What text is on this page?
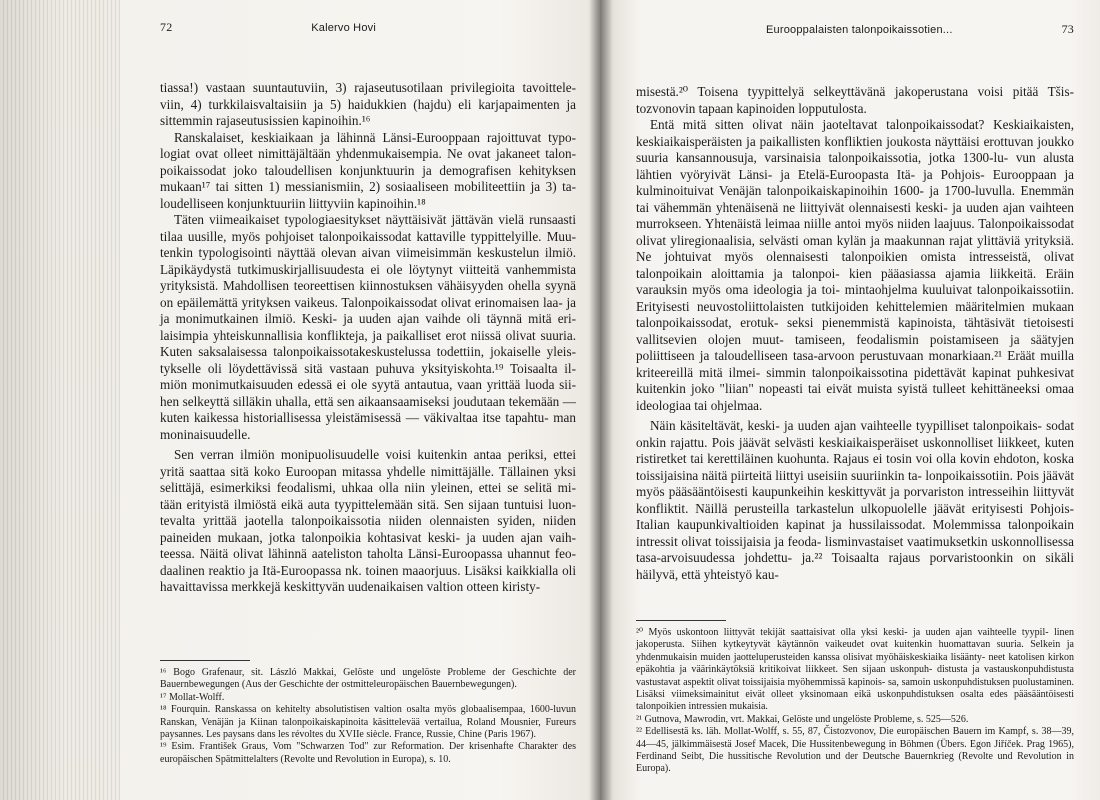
72	Kalervo Hovi

tiassa!) vastaan suuntautuviin, 3) rajaseutusotilaan privilegioita tavoittele- viin, 4) turkkilaisvaltaisiin ja 5) haidukkien (hajdu) eli karjapaimenten ja sittemmin rajaseutusissien kapinoihin.¹⁶

Ranskalaiset, keskiaikaan ja lähinnä Länsi-Eurooppaan rajoittuvat typo- logiat ovat olleet nimittäjältään yhdenmukaisempia. Ne ovat jakaneet talon- poikaissodat joko taloudellisen konjunktuurin ja demografisen kehityksen mukaan¹⁷ tai sitten 1) messianismiin, 2) sosiaaliseen mobiliteettiin ja 3) ta- loudelliseen konjunktuuriin liittyviin kapinoihin.¹⁸

Täten viimeaikaiset typologiaesitykset näyttäisivät jättävän vielä runsaasti tilaa uusille, myös pohjoiset talonpoikaissodat kattaville typpittelyille. Muu- tenkin typologisointi näyttää olevan aivan viimeisimmän keskustelun ilmiö. Läpikäydystä tutkimuskirjallisuudesta ei ole löytynyt viitteitä vanhemmista yrityksistä. Mahdollisen teoreettisen kiinnostuksen vähäisyyden ohella syynä on epäilemättä yrityksen vaikeus. Talonpoikaissodat olivat erinomaisen laa- ja ja monimutkainen ilmiö. Keski- ja uuden ajan vaihde oli täynnä mitä eri- laisimpia yhteiskunnallisia konflikteja, ja paikalliset erot niissä olivat suuria. Kuten saksalaisessa talonpoikaissotakeskustelussa todettiin, jokaiselle yleis- tykselle oli löydettävissä sitä vastaan puhuva yksityiskohta.¹⁹ Toisaalta il- miön monimutkaisuuden edessä ei ole syytä antautua, vaan yrittää luoda sii- hen selkeyttä silläkin uhalla, että sen aikaansaamiseksi joudutaan tekemään — kuten kaikessa historiallisessa yleistämisessä — väkivaltaa itse tapahtu- man moninaisuudelle.

Sen verran ilmiön monipuolisuudelle voisi kuitenkin antaa periksi, ettei yritä saattaa sitä koko Euroopan mitassa yhdelle nimittäjälle. Tällainen yksi selittäjä, esimerkiksi feodalismi, uhkaa olla niin yleinen, ettei se selitä mi- tään erityistä ilmiöstä eikä auta tyypittelemään sitä. Sen sijaan tuntuisi luon- tevalta yrittää jaotella talonpoikaissotia niiden olennaisten syiden, niiden paineiden mukaan, jotka talonpoikia kohtasivat keski- ja uuden ajan vaih- teessa. Näitä olivat lähinnä aateliston taholta Länsi-Euroopassa uhannut feo- daalinen reaktio ja Itä-Euroopassa nk. toinen maaorjuus. Lisäksi kaikkialla oli havaittavissa merkkejä keskittyvän uudenaikaisen valtion otteen kiristy-

¹⁶ Bogo Grafenaur, sit. László Makkai, Gelöste und ungelöste Probleme der Geschichte der Bauernbewegungen (Aus der Geschichte der ostmitteleuropäischen Bauernbewegungen).

¹⁷ Mollat-Wolff.

¹⁸ Fourquin. Ranskassa on kehitelty absolutistisen valtion osalta myös globaalisempaa, 1600-luvun Ranskan, Venäjän ja Kiinan talonpoikaiskapinoita käsittelevää vertailua, Roland Mousnier, Fureurs paysannes. Les paysans dans les révoltes du XVIIe siècle. France, Russie, Chine (Paris 1967).

¹⁹ Esim. František Graus, Vom "Schwarzen Tod" zur Reformation. Der krisenhafte Charakter des europäischen Spätmittelalters (Revolte und Revolution in Europa), s. 10.

Eurooppalaisten talonpoikaissotien...	73

misestä.²⁰ Toisena tyypittelyä selkeyttävänä jakoperustana voisi pitää Tšis- tozvonovin tapaan kapinoiden lopputulosta.

Entä mitä sitten olivat näin jaoteltavat talonpoikaissodat? Keskiaikaisten, keskiaikaisperäisten ja paikallisten konfliktien joukosta näyttäisi erottuvan joukko suuria kansannousuja, varsinaisia talonpoikaissotia, jotka 1300-lu- vun alusta lähtien vyöryivät Länsi- ja Etelä-Euroopasta Itä- ja Pohjois- Eurooppaan ja kulminoituivat Venäjän talonpoikaiskapinoihin 1600- ja 1700-luvulla. Enemmän tai vähemmän yhtenäisenä ne liittyivät olennaisesti keski- ja uuden ajan vaihteen murrokseen. Yhtenäistä leimaa niille antoi myös niiden laajuus. Talonpoikaissodat olivat yliregionaalisia, selvästi oman kylän ja maakunnan rajat ylittäviä yrityksiä. Ne johtuivat myös olennaisesti talonpoikien omista intresseistä, olivat talonpoikain aloittamia ja talonpoi- kien pääasiassa ajamia liikkeitä. Eräin varauksin myös oma ideologia ja toi- mintaohjelma kuuluivat talonpoikaissotiin. Erityisesti neuvostoliittolaisten tutkijoiden kehittelemien määritelmien mukaan talonpoikaissodat, erotuk- seksi pienemmistä kapinoista, tähtäsivät tietoisesti vallitsevien olojen muut- tamiseen, feodalismin poistamiseen ja säätyjen poliittiseen ja taloudelliseen tasa-arvoon perustuvaan monarkiaan.²¹ Eräät muilla kriteereillä mitä ilmei- simmin talonpoikaissotina pidettävät kapinat puhkesivat kuitenkin joko "liian" nopeasti tai eivät muista syistä tulleet kehittäneeksi omaa ideologiaa tai ohjelmaa.

Näin käsiteltävät, keski- ja uuden ajan vaihteelle tyypilliset talonpoikais- sodat onkin rajattu. Pois jäävät selvästi keskiaikaisperäiset uskonnolliset liikkeet, kuten ristiretket tai kerettiläinen kuohunta. Rajaus ei tosin voi olla kovin ehdoton, koska toissijaisina näitä piirteitä liittyi useisiin suuriinkin ta- lonpoikaissotiin. Pois jäävät myös pääsääntöisesti kaupunkeihin keskittyvät ja porvariston intresseihin liittyvät konfliktit. Näillä perusteilla tarkastelun ulkopuolelle jäävät erityisesti Pohjois-Italian kaupunkivaltioiden kapinat ja hussilaissodat. Molemmissa talonpoikain intressit olivat toissijaisia ja feoda- lisminvastaiset vaatimuksetkin uskonnollisessa tasa-arvoisuudessa johdettu- ja.²² Toisaalta rajaus porvaristoonkin on sikäli häilyvä, että yhteistyö kau-

²⁰ Myös uskontoon liittyvät tekijät saattaisivat olla yksi keski- ja uuden ajan vaihteelle tyypil- linen jakoperusta. Siihen kytkeytyvät käytännön vaikeudet ovat kuitenkin huomattavan suuria. Selkein ja yhdenmukaisin muiden jaotteluperusteiden kanssa olisivat myöhäiskeskiaika lisäänty- neet katolisen kirkon epäkohtia ja väärinkäytöksiä kritikoivat liikkeet. Sen sijaan uskonpuh- distusta ja vastauskonpuhdistusta vastustavat aspektit olivat toissijaisia myöhemmissä kapinois- sa, samoin uskonpuhdistuksen puolustaminen. Lisäksi viimeksimainitut eivät olleet yksinomaan eikä uskonpuhdistuksen osalta edes pääsääntöisesti talonpoikien intressien mukaisia.

²¹ Gutnova, Mawrodin, vrt. Makkai, Gelöste und ungelöste Probleme, s. 525—526.

²² Edellisestä ks. läh. Mollat-Wolff, s. 55, 87, Čistozvonov, Die europäischen Bauern im Kampf, s. 38—39, 44—45, jälkimmäisestä Josef Macek, Die Hussitenbewegung in Böhmen (Übers. Egon Jiříček. Prag 1965), Ferdinand Seibt, Die hussitische Revolution und der Deutsche Bauernkrieg (Revolte und Revolution in Europa).
